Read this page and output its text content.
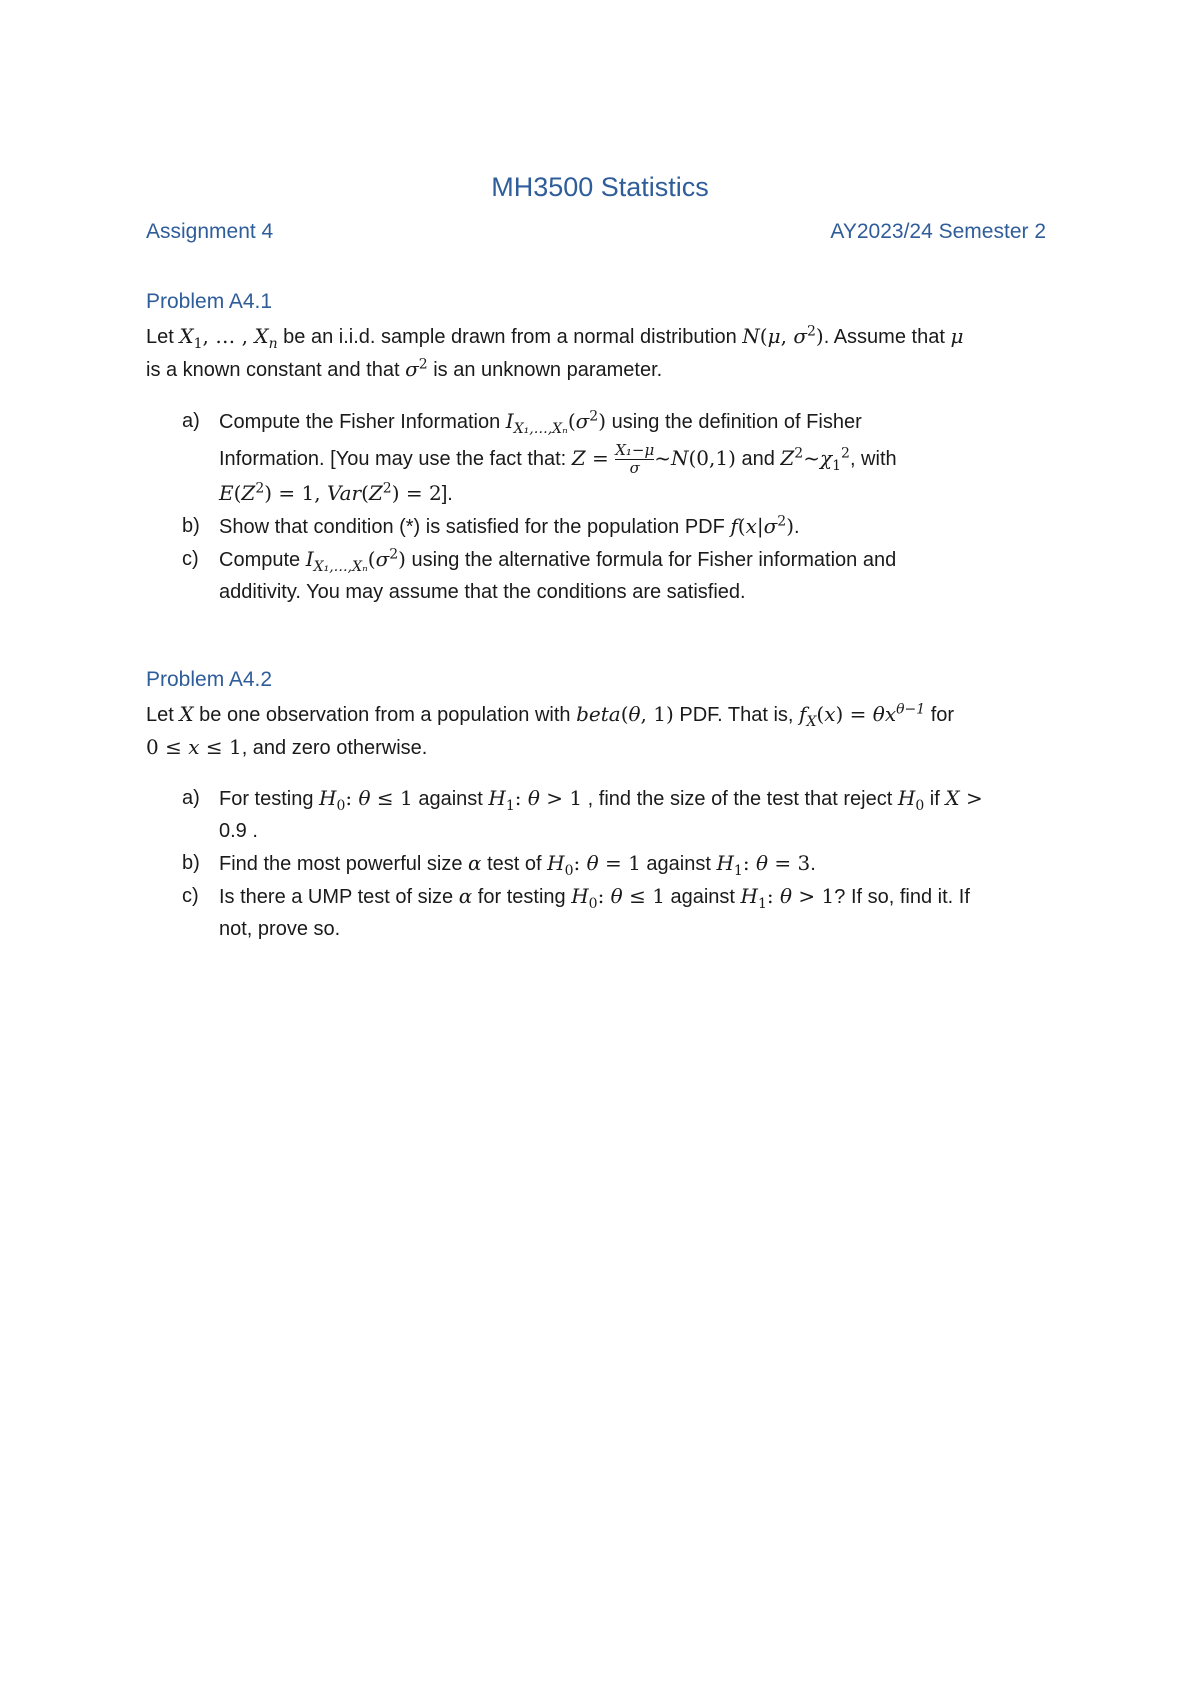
MH3500 Statistics
Assignment 4	AY2023/24 Semester 2
Problem A4.1
Let $X_1$, … , $X_n$ be an i.i.d. sample drawn from a normal distribution N(μ, $\sigma^2$). Assume that μ
is a known constant and that $\sigma^2$ is an unknown parameter.
a) Compute the Fisher Information $I_{X_1,\dots,X_n}(\sigma^2)$ using the definition of Fisher
Information. [You may use the fact that: $Z = \frac{\text{X₁−μ}}{\sigma}$ ~N(0,1) and $Z^2\sim\chi_1^2$, with
$E(Z^2) = 1$, $Var(Z^2) = 2$].
b) Show that condition (*) is satisfied for the population PDF $f(x|\sigma^2)$.
c) Compute $I_{X_1,\dots,X_n}(\sigma^2)$ using the alternative formula for Fisher information and
additivity. You may assume that the conditions are satisfied.
Problem A4.2
Let X be one observation from a population with beta(θ, 1) PDF. That is, $f_X(x) = \theta x^{\theta-1}$ for
0 ≤ x ≤ 1, and zero otherwise.
a) For testing $H_0$: θ ≤ 1 against $H_1$: θ > 1 , find the size of the test that reject $H_0$ if X >
0.9 .
b) Find the most powerful size α test of $H_0$: θ = 1 against $H_1$: θ = 3.
c) Is there a UMP test of size α for testing $H_0$: θ ≤ 1 against $H_1$: θ > 1? If so, find it. If
not, prove so.
